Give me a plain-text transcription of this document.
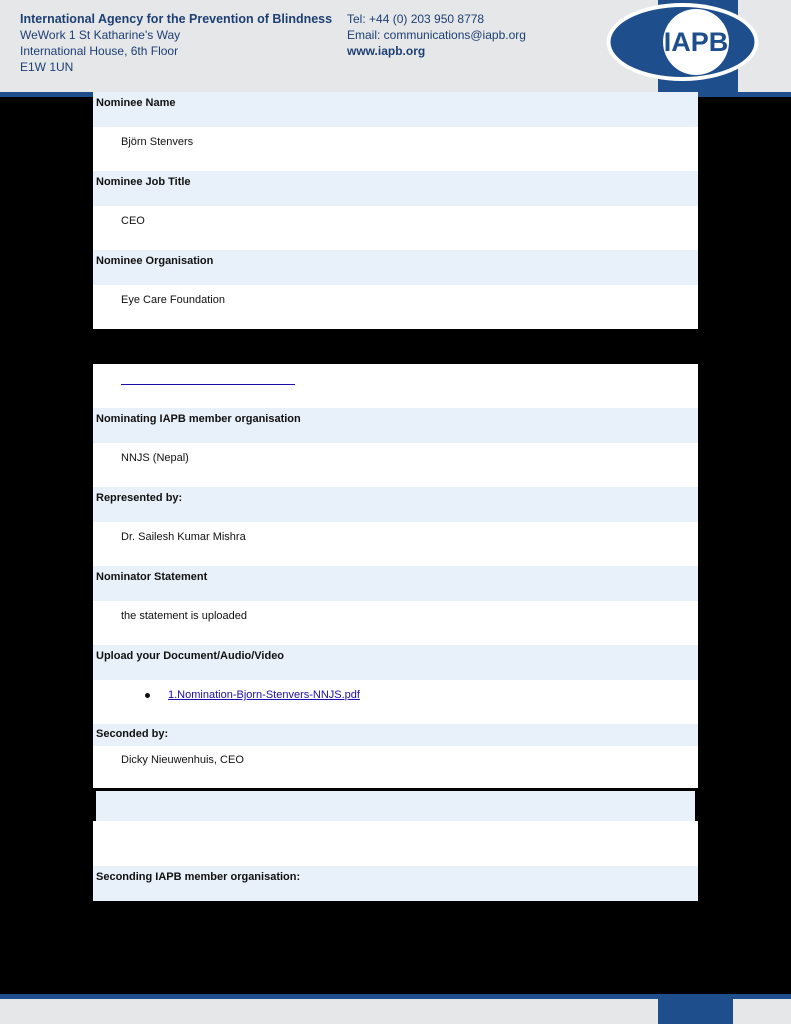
International Agency for the Prevention of Blindness
WeWork 1 St Katharine's Way
International House, 6th Floor
E1W 1UN
Tel: +44 (0) 203 950 8778
Email: communications@iapb.org
www.iapb.org	IAPB
Nominee Name
Björn Stenvers
Nominee Job Title
CEO
Nominee Organisation
Eye Care Foundation
Nominating IAPB member organisation
NNJS (Nepal)
Represented by:
Dr. Sailesh Kumar Mishra
Nominator Statement
the statement is uploaded
Upload your Document/Audio/Video
1.Nomination-Bjorn-Stenvers-NNJS.pdf
Seconded by:
Dicky Nieuwenhuis, CEO
Seconding IAPB member organisation:
